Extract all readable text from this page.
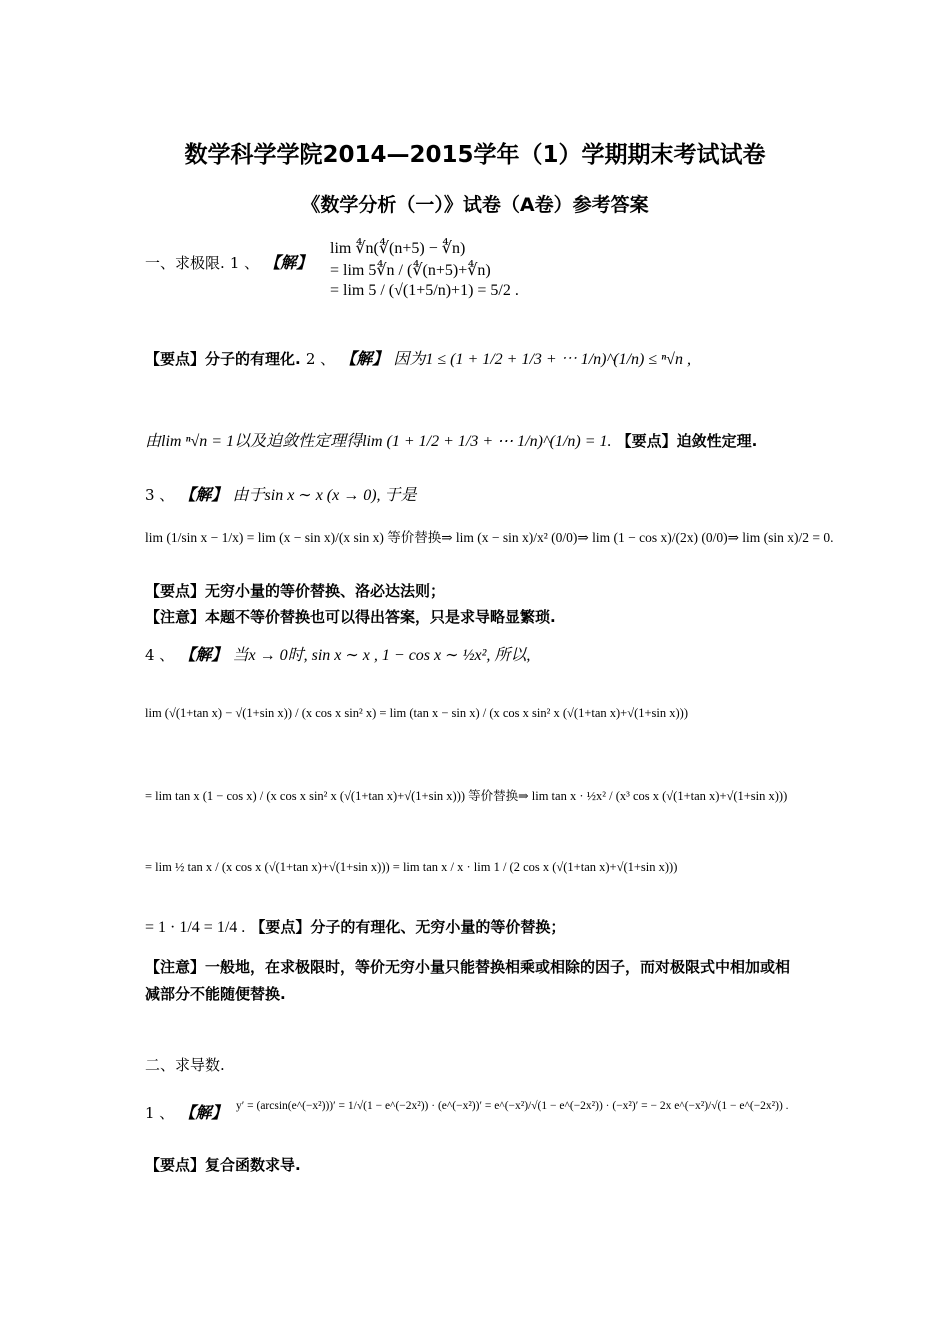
数学科学学院2014—2015学年（1）学期期末考试试卷
《数学分析（一）》试卷（A卷）参考答案
一、求极限. 1 、 【解】
lim ∜n(∜(n+5) − ∜n)
= lim 5∜n / (∜(n+5)+∜n)
= lim 5 / (√(1+5/n)+1) = 5/2 .
【要点】分子的有理化. 2 、 【解】 因为1 ≤ (1 + 1/2 + 1/3 + ⋯ 1/n)^(1/n) ≤ ⁿ√n ,
由lim ⁿ√n = 1以及迫敛性定理得lim (1 + 1/2 + 1/3 + ⋯ 1/n)^(1/n) = 1. 【要点】迫敛性定理.
3 、 【解】 由于sin x ∼ x (x → 0), 于是
lim (1/sin x − 1/x) = lim (x − sin x)/(x sin x) 等价替换⇒ lim (x − sin x)/x² (0/0)⇒ lim (1 − cos x)/(2x) (0/0)⇒ lim (sin x)/2 = 0.
【要点】无穷小量的等价替换、洛必达法则；
【注意】本题不等价替换也可以得出答案，只是求导略显繁琐.
4 、 【解】 当x → 0时, sin x ∼ x , 1 − cos x ∼ ½x², 所以,
lim (√(1+tan x) − √(1+sin x)) / (x cos x sin² x) = lim (tan x − sin x) / (x cos x sin² x (√(1+tan x)+√(1+sin x)))
= lim tan x (1 − cos x) / (x cos x sin² x (√(1+tan x)+√(1+sin x))) 等价替换⇒ lim tan x · ½x² / (x³ cos x (√(1+tan x)+√(1+sin x)))
= lim ½ tan x / (x cos x (√(1+tan x)+√(1+sin x))) = lim tan x / x · lim 1 / (2 cos x (√(1+tan x)+√(1+sin x)))
= 1 · 1/4 = 1/4 . 【要点】分子的有理化、无穷小量的等价替换；
【注意】一般地，在求极限时，等价无穷小量只能替换相乘或相除的因子，而对极限式中相加或相减部分不能随便替换.
二、求导数.
1 、 【解】 y′ = (arcsin(e^(−x²)))′ = 1/√(1 − e^(−2x²)) · (e^(−x²))′ = e^(−x²)/√(1 − e^(−2x²)) · (−x²)′ = − 2x e^(−x²)/√(1 − e^(−2x²)) .
【要点】复合函数求导.
